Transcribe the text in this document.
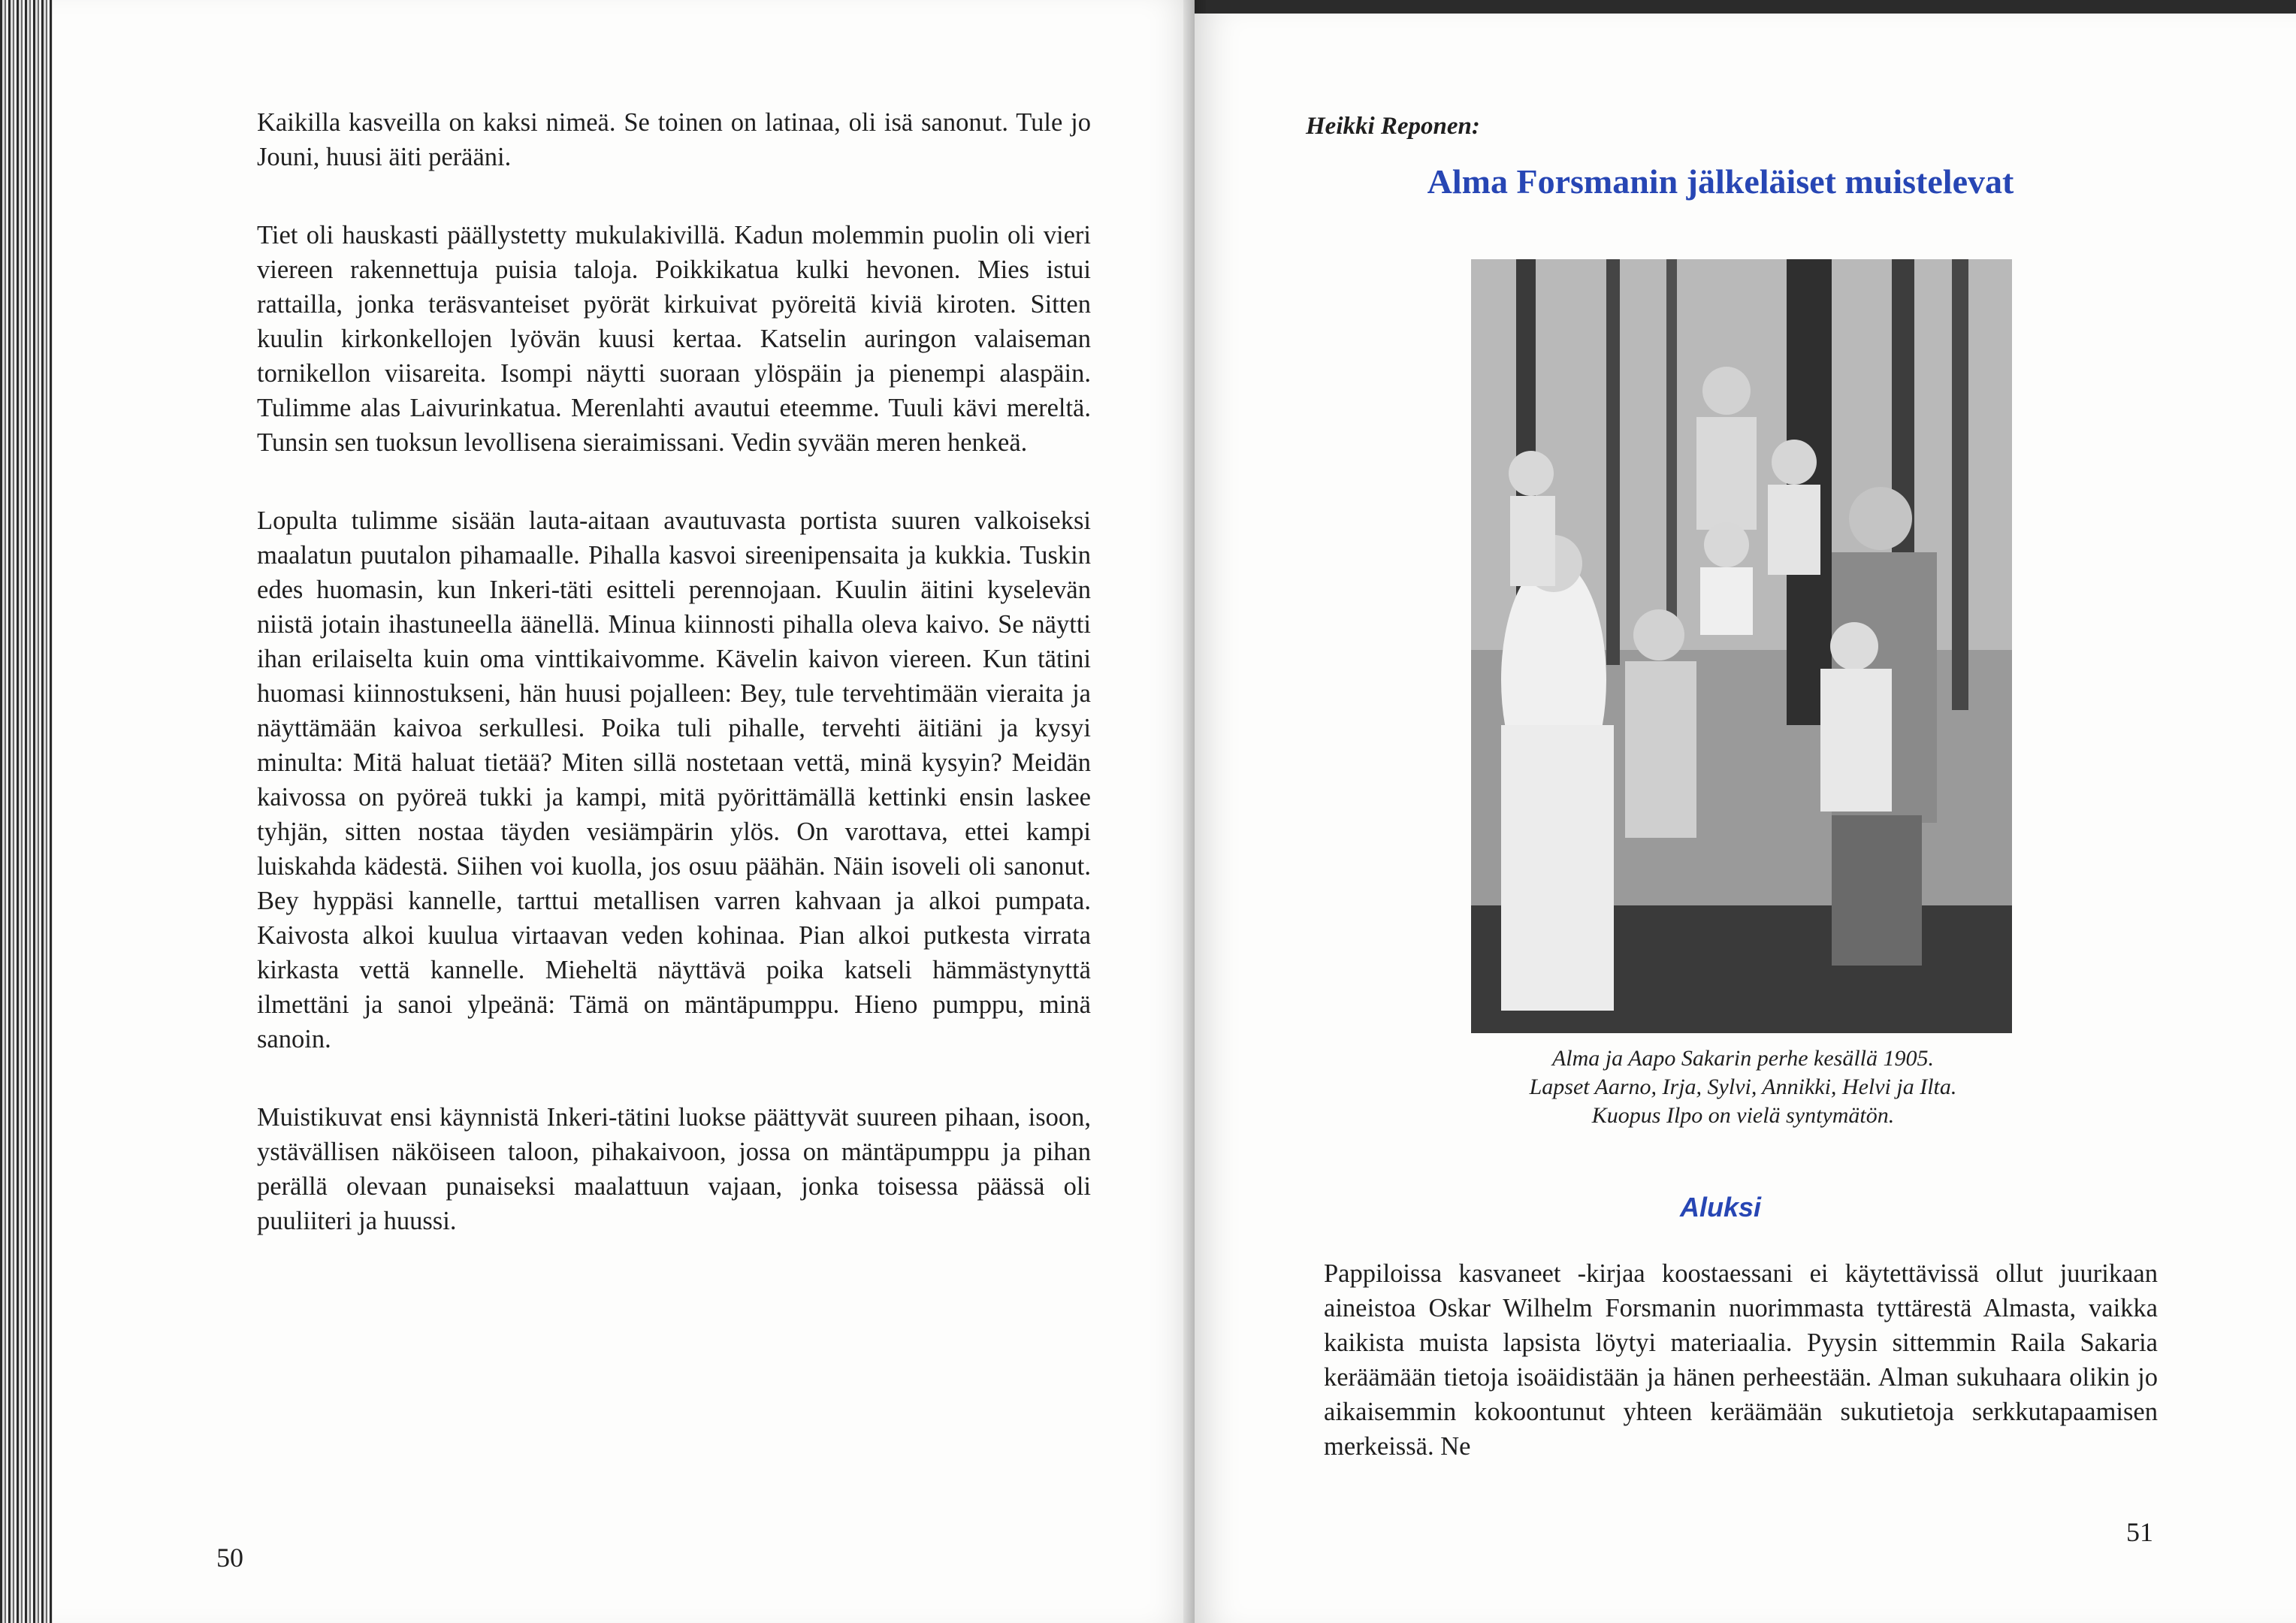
Kaikilla kasveilla on kaksi nimeä. Se toinen on latinaa, oli isä sanonut. Tule jo Jouni, huusi äiti perääni.

Tiet oli hauskasti päällystetty mukulakivillä. Kadun molemmin puolin oli vieri viereen rakennettuja puisia taloja. Poikkikatua kulki hevonen. Mies istui rattailla, jonka teräsvanteiset pyörät kirkuivat pyöreitä kiviä kiroten. Sitten kuulin kirkonkellojen lyövän kuusi kertaa. Katselin auringon valaiseman tornikellon viisareita. Isompi näytti suoraan ylöspäin ja pienempi alaspäin. Tulimme alas Laivurinkatua. Merenlahti avautui eteemme. Tuuli kävi mereltä. Tunsin sen tuoksun levollisena sieraimissani. Vedin syvään meren henkeä.

Lopulta tulimme sisään lauta-aitaan avautuvasta portista suuren valkoiseksi maalatun puutalon pihamaalle. Pihalla kasvoi sireenipensaita ja kukkia. Tuskin edes huomasin, kun Inkeri-täti esitteli perennojaan. Kuulin äitini kyselevän niistä jotain ihastuneella äänellä. Minua kiinnosti pihalla oleva kaivo. Se näytti ihan erilaiselta kuin oma vinttikaivomme. Kävelin kaivon viereen. Kun tätini huomasi kiinnostukseni, hän huusi pojalleen: Bey, tule tervehtimään vieraita ja näyttämään kaivoa serkullesi. Poika tuli pihalle, tervehti äitiäni ja kysyi minulta: Mitä haluat tietää? Miten sillä nostetaan vettä, minä kysyin? Meidän kaivossa on pyöreä tukki ja kampi, mitä pyörittämällä kettinki ensin laskee tyhjän, sitten nostaa täyden vesiämpärin ylös. On varottava, ettei kampi luiskahda kädestä. Siihen voi kuolla, jos osuu päähän. Näin isoveli oli sanonut. Bey hyppäsi kannelle, tarttui metallisen varren kahvaan ja alkoi pumpata. Kaivosta alkoi kuulua virtaavan veden kohinaa. Pian alkoi putkesta virrata kirkasta vettä kannelle. Mieheltä näyttävä poika katseli hämmästynyttä ilmettäni ja sanoi ylpeänä: Tämä on mäntäpumppu. Hieno pumppu, minä sanoin.

Muistikuvat ensi käynnistä Inkeri-tätini luokse päättyvät suureen pihaan, isoon, ystävällisen näköiseen taloon, pihakaivoon, jossa on mäntäpumppu ja pihan perällä olevaan punaiseksi maalattuun vajaan, jonka toisessa päässä oli puuliiteri ja huussi.

50
Heikki Reponen:
Alma Forsmanin jälkeläiset muistelevat
Alma ja Aapo Sakarin perhe kesällä 1905.
Lapset Aarno, Irja, Sylvi, Annikki, Helvi ja Ilta.
Kuopus Ilpo on vielä syntymätön.
Aluksi

Pappiloissa kasvaneet -kirjaa koostaessani ei käytettävissä ollut juurikaan aineistoa Oskar Wilhelm Forsmanin nuorimmasta tyttärestä Almasta, vaikka kaikista muista lapsista löytyi materiaalia. Pyysin sittemmin Raila Sakaria keräämään tietoja isoäidistään ja hänen perheestään. Alman sukuhaara olikin jo aikaisemmin kokoontunut yhteen keräämään sukutietoja serkkutapaamisen merkeissä. Ne

51
